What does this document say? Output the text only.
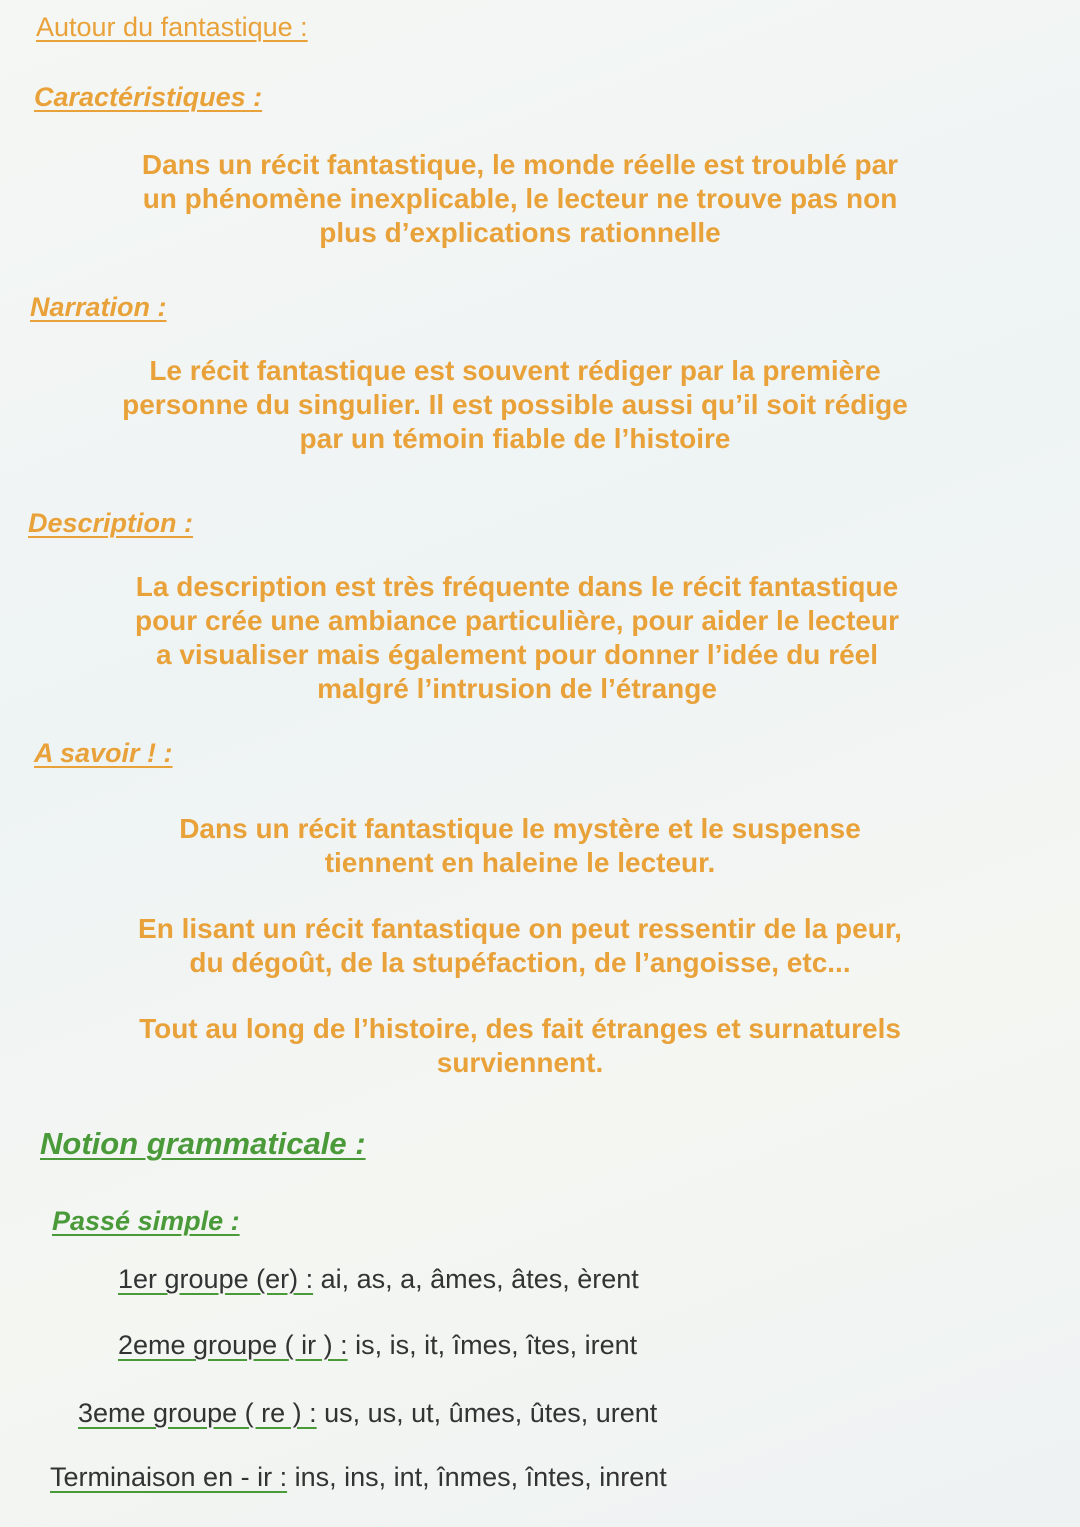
Autour du fantastique :

Caractéristiques :

Dans un récit fantastique, le monde réelle est troublé par
un phénomène inexplicable, le lecteur ne trouve pas non
plus d’explications rationnelle

Narration :

Le récit fantastique est souvent rédiger par la première
personne du singulier. Il est possible aussi qu’il soit rédige
par un témoin fiable de l’histoire

Description :

La description est très fréquente dans le récit fantastique
pour crée une ambiance particulière, pour aider le lecteur
a visualiser mais également pour donner l’idée du réel
malgré l’intrusion de l’étrange

A savoir ! :

Dans un récit fantastique le mystère et le suspense
tiennent en haleine le lecteur.
En lisant un récit fantastique on peut ressentir de la peur,
du dégoût, de la stupéfaction, de l’angoisse, etc...
Tout au long de l’histoire, des fait étranges et surnaturels
surviennent.

Notion grammaticale :

Passé simple :

1er groupe (er) : ai, as, a, âmes, âtes, èrent

2eme groupe ( ir ) : is, is, it, îmes, îtes, irent

3eme groupe ( re ) : us, us, ut, ûmes, ûtes, urent

Terminaison en - ir : ins, ins, int, înmes, întes, inrent
